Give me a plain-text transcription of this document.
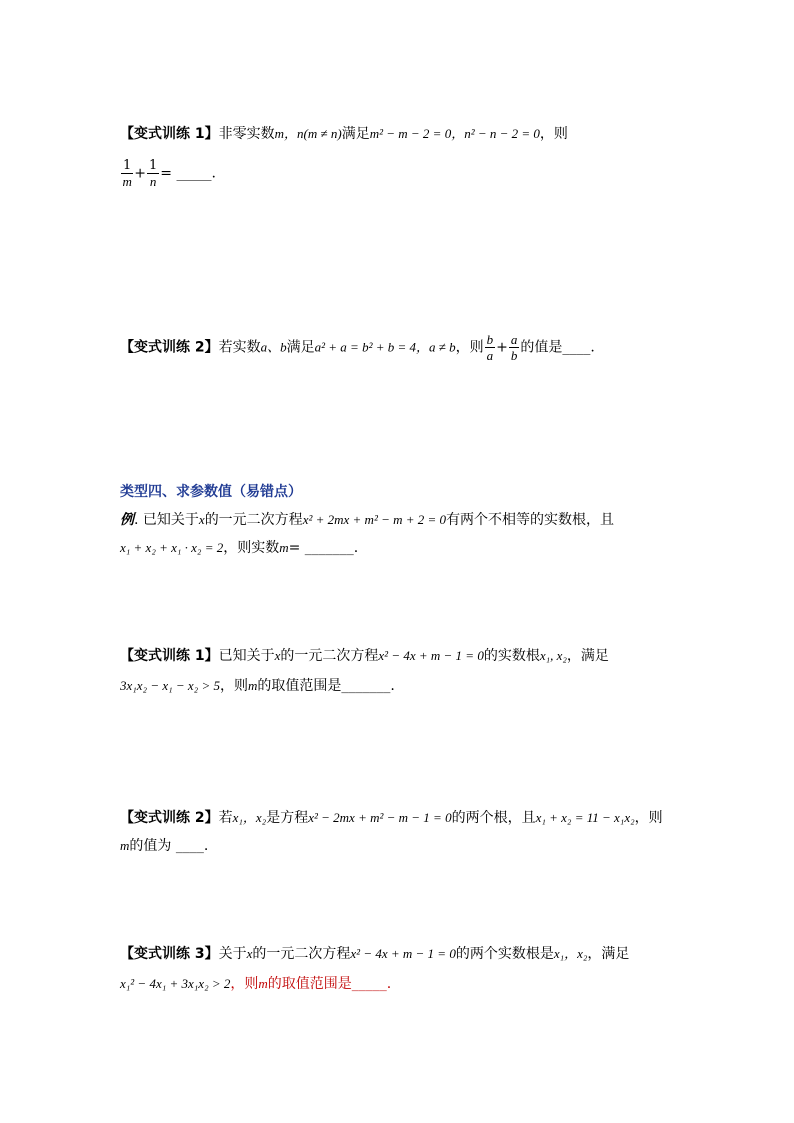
【变式训练 1】非零实数m，n(m ≠ n)满足m² − m − 2 = 0，n² − n − 2 = 0，则
$\frac{1}{m} + \frac{1}{n}$ = _____.
【变式训练 2】若实数a、b满足a² + a = b² + b = 4，a ≠ b，则 $\frac{b}{a} + \frac{a}{b}$ 的值是____.
类型四、求参数值（易错点）
例. 已知关于x的一元二次方程x² + 2mx + m² − m + 2 = 0有两个不相等的实数根，且
x₁ + x₂ + x₁ · x₂ = 2，则实数m= _______.
【变式训练 1】已知关于x的一元二次方程x² − 4x + m − 1 = 0的实数根x₁, x₂，满足
3x₁x₂ − x₁ − x₂ > 5，则m的取值范围是_______.
【变式训练 2】若x₁，x₂是方程x² − 2mx + m² − m − 1 = 0的两个根，且x₁ + x₂ = 11 − x₁x₂，则
m的值为 ____.
【变式训练 3】关于x的一元二次方程x² − 4x + m − 1 = 0的两个实数根是x₁，x₂，满足
x₁² − 4x₁ + 3x₁x₂ > 2，则m的取值范围是_____.
